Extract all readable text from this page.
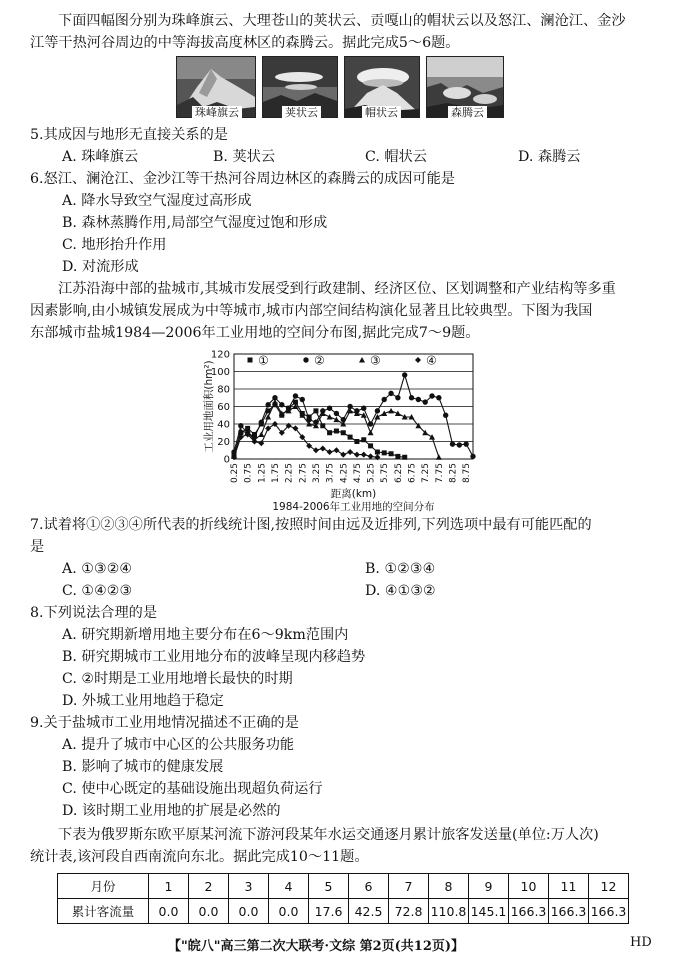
下面四幅图分别为珠峰旗云、大理苍山的荚状云、贡嘎山的帽状云以及怒江、澜沧江、金沙
江等干热河谷周边的中等海拔高度林区的森腾云。据此完成5～6题。
珠峰旗云	荚状云	帽状云	森腾云
5.其成因与地形无直接关系的是
A. 珠峰旗云	B. 荚状云	C. 帽状云	D. 森腾云
6.怒江、澜沧江、金沙江等干热河谷周边林区的森腾云的成因可能是
A. 降水导致空气湿度过高形成
B. 森林蒸腾作用,局部空气湿度过饱和形成
C. 地形抬升作用
D. 对流形成
江苏沿海中部的盐城市,其城市发展受到行政建制、经济区位、区划调整和产业结构等多重
因素影响,由小城镇发展成为中等城市,城市内部空间结构演化显著且比较典型。下图为我国
东部城市盐城1984—2006年工业用地的空间分布图,据此完成7～9题。
0
20
40
60
80
100
120
0.25 0.75 1.25 1.75 2.25 2.75 3.25 3.75 4.25 4.75 5.25 5.75 6.25 6.75 7.25 7.75 8.25 8.75
工业用地面积(hm²)
距离(km)
1984-2006年工业用地的空间分布
①	②	③	④
7.试着将①②③④所代表的折线统计图,按照时间由远及近排列,下列选项中最有可能匹配的
是
A. ①③②④	B. ①②③④
C. ①④②③	D. ④①③②
8.下列说法合理的是
A. 研究期新增用地主要分布在6～9km范围内
B. 研究期城市工业用地分布的波峰呈现内移趋势
C. ②时期是工业用地增长最快的时期
D. 外城工业用地趋于稳定
9.关于盐城市工业用地情况描述不正确的是
A. 提升了城市中心区的公共服务功能
B. 影响了城市的健康发展
C. 使中心既定的基础设施出现超负荷运行
D. 该时期工业用地的扩展是必然的
下表为俄罗斯东欧平原某河流下游河段某年水运交通逐月累计旅客发送量(单位:万人次)
统计表,该河段自西南流向东北。据此完成10～11题。
月份	1	2	3	4	5	6	7	8	9	10	11	12
累计客流量	0.0	0.0	0.0	0.0	17.6	42.5	72.8	110.8	145.1	166.3	166.3	166.3
【"皖八"高三第二次大联考·文综 第2页(共12页)】	HD
